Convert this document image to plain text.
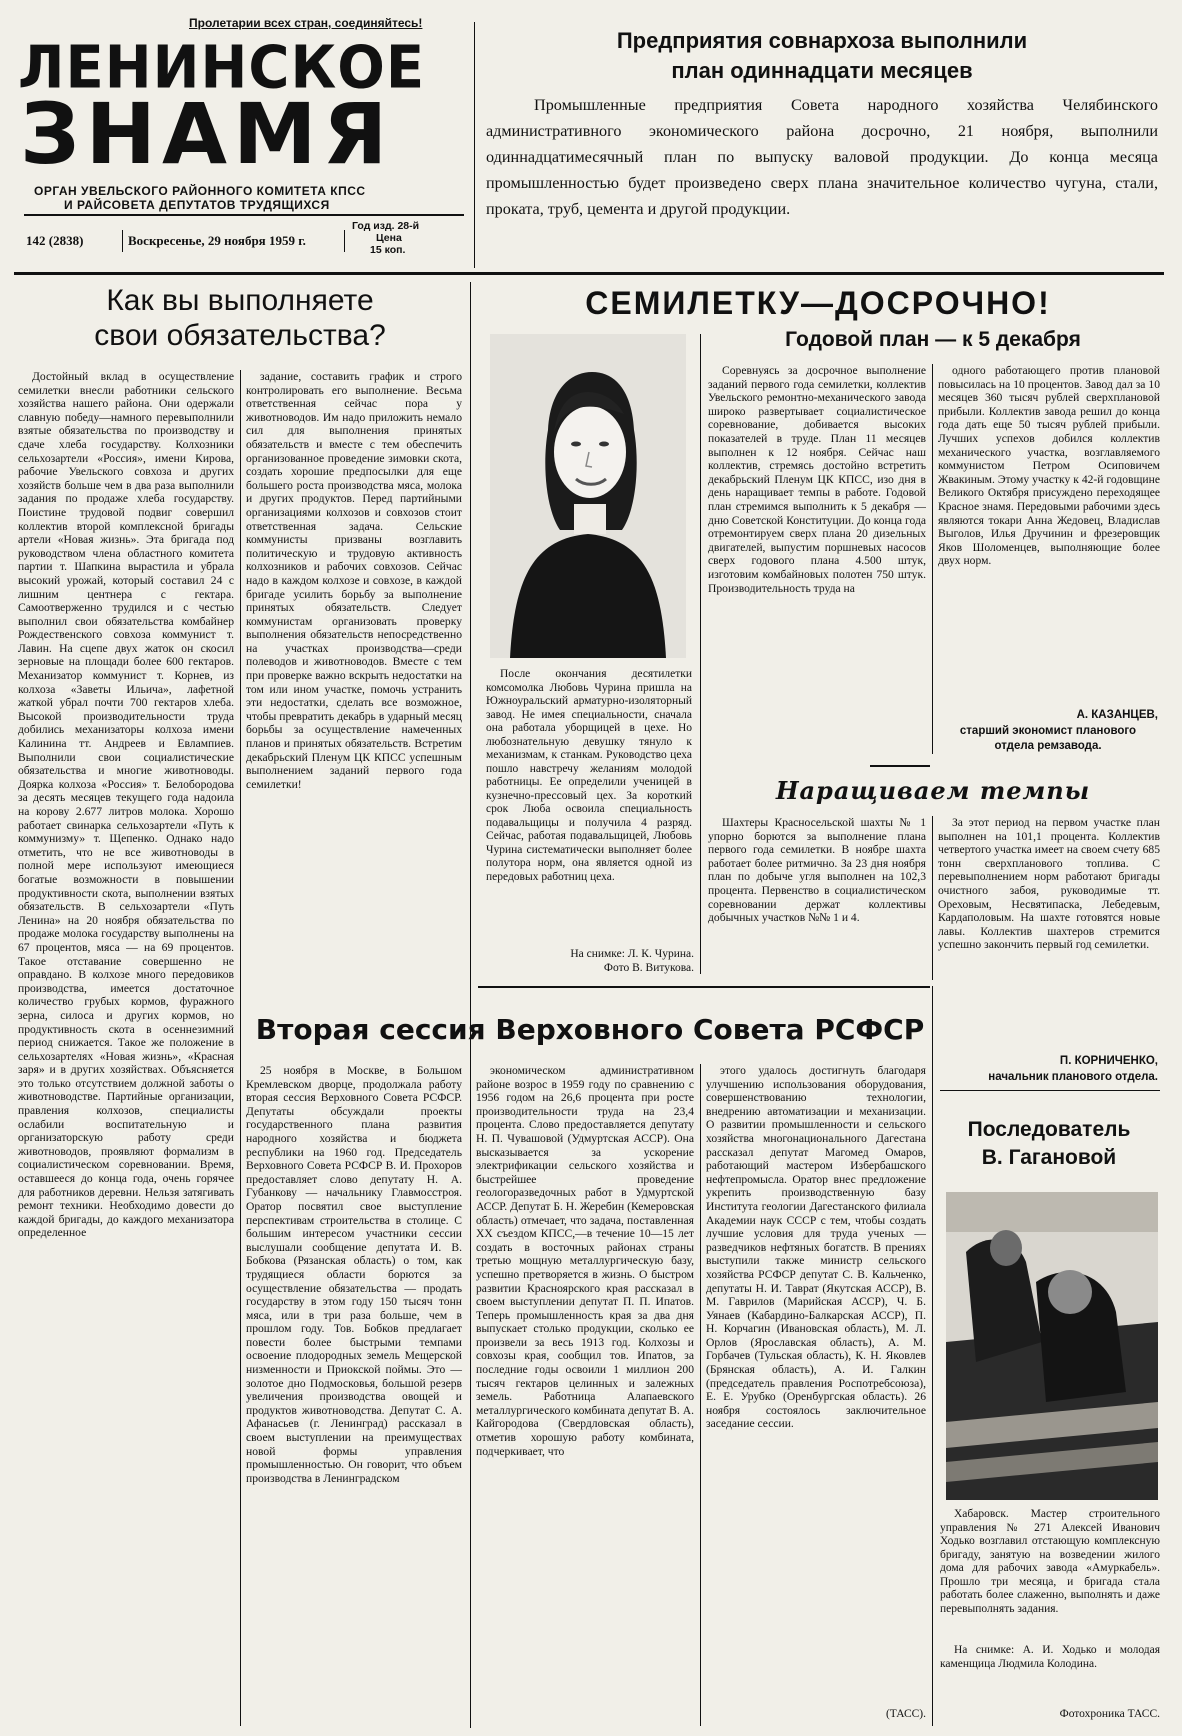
Пролетарии всех стран, соединяйтесь!
ЛЕНИНСКОЕ
ЗНАМЯ
ОРГАН УВЕЛЬСКОГО РАЙОННОГО КОМИТЕТА КПСС
И РАЙСОВЕТА ДЕПУТАТОВ ТРУДЯЩИХСЯ
142 (2838)	Воскресенье, 29 ноября 1959 г.
Год изд. 28-й
Цена
15 коп.
Предприятия совнархоза выполнили
план одиннадцати месяцев
Промышленные предприятия Совета народного хозяйства Челябинского административного экономического района досрочно, 21 ноября, выполнили одиннадцатимесячный план по выпуску валовой продукции. До конца месяца промышленностью будет произведено сверх плана значительное количество чугуна, стали, проката, труб, цемента и другой продукции.
Как вы выполняете
свои обязательства?
Достойный вклад в осуществление семилетки внесли работники сельского хозяйства нашего района. Они одержали славную победу—намного перевыполнили взятые обязательства по производству и сдаче хлеба государству. Колхозники сельхозартели «Россия», имени Кирова, рабочие Увельского совхоза и других хозяйств больше чем в два раза выполнили задания по продаже хлеба государству. Поистине трудовой подвиг совершил коллектив второй комплексной бригады артели «Новая жизнь». Эта бригада под руководством члена областного комитета партии т. Шапкина вырастила и убрала высокий урожай, который составил 24 с лишним центнера с гектара. Самоотверженно трудился и с честью выполнил свои обязательства комбайнер Рождественского совхоза коммунист т. Лавин. На сцепе двух жаток он скосил зерновые на площади более 600 гектаров. Механизатор коммунист т. Корнев, из колхоза «Заветы Ильича», лафетной жаткой убрал почти 700 гектаров хлеба. Высокой производительности труда добились механизаторы колхоза имени Калинина тт. Андреев и Евлампиев. Выполнили свои социалистические обязательства и многие животноводы. Доярка колхоза «Россия» т. Белобородова за десять месяцев текущего года надоила на корову 2.677 литров молока. Хорошо работает свинарка сельхозартели «Путь к коммунизму» т. Щепенко. Однако надо отметить, что не все животноводы в полной мере используют имеющиеся богатые возможности в повышении продуктивности скота, выполнении взятых обязательств. В сельхозартели «Путь Ленина» на 20 ноября обязательства по продаже молока государству выполнены на 67 процентов, мяса — на 69 процентов. Такое отставание совершенно не оправдано. В колхозе много передовиков производства, имеется достаточное количество грубых кормов, фуражного зерна, силоса и других кормов, но продуктивность скота в осеннезимний период снижается. Такое же положение в сельхозартелях «Новая жизнь», «Красная заря» и в других хозяйствах. Объясняется это только отсутствием должной заботы о животноводстве. Партийные организации, правления колхозов, специалисты ослабили воспитательную и организаторскую работу среди животноводов, проявляют формализм в социалистическом соревновании. Время, оставшееся до конца года, очень горячее для работников деревни. Нельзя затягивать ремонт техники. Необходимо довести до каждой бригады, до каждого механизатора определенное
задание, составить график и строго контролировать его выполнение. Весьма ответственная сейчас пора у животноводов. Им надо приложить немало сил для выполнения принятых обязательств и вместе с тем обеспечить организованное проведение зимовки скота, создать хорошие предпосылки для еще большего роста производства мяса, молока и других продуктов. Перед партийными организациями колхозов и совхозов стоит ответственная задача. Сельские коммунисты призваны возглавить политическую и трудовую активность колхозников и рабочих совхозов. Сейчас надо в каждом колхозе и совхозе, в каждой бригаде усилить борьбу за выполнение принятых обязательств. Следует коммунистам организовать проверку выполнения обязательств непосредственно на участках производства—среди полеводов и животноводов. Вместе с тем при проверке важно вскрыть недостатки на том или ином участке, помочь устранить эти недостатки, сделать все возможное, чтобы превратить декабрь в ударный месяц борьбы за осуществление намеченных планов и принятых обязательств. Встретим декабрьский Пленум ЦК КПСС успешным выполнением заданий первого года семилетки!
СЕМИЛЕТКУ—ДОСРОЧНО!
После окончания десятилетки комсомолка Любовь Чурина пришла на Южноуральский арматурно-изоляторный завод. Не имея специальности, сначала она работала уборщицей в цехе. Но любознательную девушку тянуло к механизмам, к станкам. Руководство цеха пошло навстречу желаниям молодой работницы. Ее определили ученицей в кузнечно-прессовый цех. За короткий срок Люба освоила специальность подавальщицы и получила 4 разряд. Сейчас, работая подавальщицей, Любовь Чурина систематически выполняет более полутора норм, она является одной из передовых работниц цеха.
На снимке: Л. К. Чурина.
Фото В. Витукова.
Годовой план — к 5 декабря
Соревнуясь за досрочное выполнение заданий первого года семилетки, коллектив Увельского ремонтно-механического завода широко развертывает социалистическое соревнование, добивается высоких показателей в труде. План 11 месяцев выполнен к 12 ноября. Сейчас наш коллектив, стремясь достойно встретить декабрьский Пленум ЦК КПСС, изо дня в день наращивает темпы в работе. Годовой план стремимся выполнить к 5 декабря — дню Советской Конституции. До конца года отремонтируем сверх плана 20 дизельных двигателей, выпустим поршневых насосов сверх годового плана 4.500 штук, изготовим комбайновых полотен 750 штук. Производительность труда на
одного работающего против плановой повысилась на 10 процентов. Завод дал за 10 месяцев 360 тысяч рублей сверхплановой прибыли. Коллектив завода решил до конца года дать еще 50 тысяч рублей прибыли. Лучших успехов добился коллектив механического участка, возглавляемого коммунистом Петром Осиповичем Жвакиным. Этому участку к 42-й годовщине Великого Октября присуждено переходящее Красное знамя. Передовыми рабочими здесь являются токари Анна Жедовец, Владислав Выголов, Илья Дручинин и фрезеровщик Яков Шоломенцев, выполняющие более двух норм.
А. КАЗАНЦЕВ,
старший экономист планового
отдела ремзавода.
Наращиваем темпы
Шахтеры Красносельской шахты № 1 упорно борются за выполнение плана первого года семилетки. В ноябре шахта работает более ритмично. За 23 дня ноября план по добыче угля выполнен на 102,3 процента. Первенство в социалистическом соревновании держат коллективы добычных участков №№ 1 и 4.
За этот период на первом участке план выполнен на 101,1 процента. Коллектив четвертого участка имеет на своем счету 685 тонн сверхпланового топлива. С перевыполнением норм работают бригады очистного забоя, руководимые тт. Ореховым, Несвятипаска, Лебедевым, Кардаполовым. На шахте готовятся новые лавы. Коллектив шахтеров стремится успешно закончить первый год семилетки.
П. КОРНИЧЕНКО,
начальник планового отдела.
Вторая сессия Верховного Совета РСФСР
25 ноября в Москве, в Большом Кремлевском дворце, продолжала работу вторая сессия Верховного Совета РСФСР. Депутаты обсуждали проекты государственного плана развития народного хозяйства и бюджета республики на 1960 год. Председатель Верховного Совета РСФСР В. И. Прохоров предоставляет слово депутату Н. А. Губанкову — начальнику Главмосстроя. Оратор посвятил свое выступление перспективам строительства в столице. С большим интересом участники сессии выслушали сообщение депутата И. В. Бобкова (Рязанская область) о том, как трудящиеся области борются за осуществление обязательства — продать государству в этом году 150 тысяч тонн мяса, или в три раза больше, чем в прошлом году. Тов. Бобков предлагает повести более быстрыми темпами освоение плодородных земель Мещерской низменности и Приокской поймы. Это — золотое дно Подмосковья, большой резерв увеличения производства овощей и продуктов животноводства. Депутат С. А. Афанасьев (г. Ленинград) рассказал в своем выступлении на преимуществах новой формы управления промышленностью. Он говорит, что объем производства в Ленинградском
экономическом административном районе возрос в 1959 году по сравнению с 1956 годом на 26,6 процента при росте производительности труда на 23,4 процента. Слово предоставляется депутату Н. П. Чувашовой (Удмуртская АССР). Она высказывается за ускорение электрификации сельского хозяйства и быстрейшее проведение геологоразведочных работ в Удмуртской АССР. Депутат Б. Н. Жеребин (Кемеровская область) отмечает, что задача, поставленная XX съездом КПСС,—в течение 10—15 лет создать в восточных районах страны третью мощную металлургическую базу, успешно претворяется в жизнь. О быстром развитии Красноярского края рассказал в своем выступлении депутат П. П. Ипатов. Теперь промышленность края за два дня выпускает столько продукции, сколько ее произвели за весь 1913 год. Колхозы и совхозы края, сообщил тов. Ипатов, за последние годы освоили 1 миллион 200 тысяч гектаров целинных и залежных земель. Работница Алапаевского металлургического комбината депутат В. А. Кайгородова (Свердловская область), отметив хорошую работу комбината, подчеркивает, что
этого удалось достигнуть благодаря улучшению использования оборудования, совершенствованию технологии, внедрению автоматизации и механизации. О развитии промышленности и сельского хозяйства многонационального Дагестана рассказал депутат Магомед Омаров, работающий мастером Избербашского нефтепромысла. Оратор внес предложение укрепить производственную базу Института геологии Дагестанского филиала Академии наук СССР с тем, чтобы создать лучшие условия для труда ученых — разведчиков нефтяных богатств. В прениях выступили также министр сельского хозяйства РСФСР депутат С. В. Кальченко, депутаты Н. И. Таврат (Якутская АССР), В. М. Гаврилов (Марийская АССР), Ч. Б. Уянаев (Кабардино-Балкарская АССР), П. Н. Корчагин (Ивановская область), М. Л. Орлов (Ярославская область), А. М. Горбачев (Тульская область), К. Н. Яковлев (Брянская область), А. И. Галкин (председатель правления Роспотребсоюза), Е. Е. Урубко (Оренбургская область). 26 ноября состоялось заключительное заседание сессии.
(ТАСС).
Последователь
В. Гагановой
Хабаровск. Мастер строительного управления № 271 Алексей Иванович Ходько возглавил отстающую комплексную бригаду, занятую на возведении жилого дома для рабочих завода «Амуркабель». Прошло три месяца, и бригада стала работать более слаженно, выполнять и даже перевыполнять задания.
На снимке: А. И. Ходько и молодая каменщица Людмила Колодина.
Фотохроника ТАСС.
